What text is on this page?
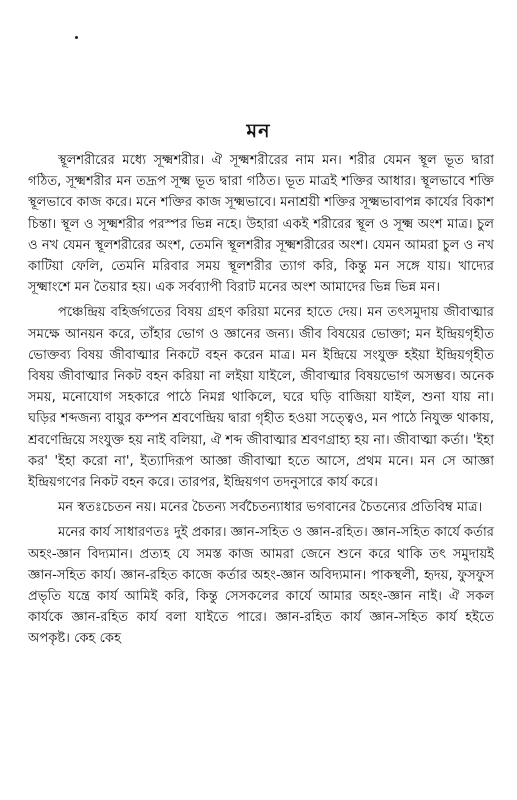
মন

স্থূলশরীরের মধ্যে সূক্ষ্মশরীর। ঐ সূক্ষ্মশরীরের নাম মন। শরীর যেমন স্থূল ভূত দ্বারা গঠিত, সূক্ষ্মশরীর মন তদ্রূপ সূক্ষ্ম ভূত দ্বারা গঠিত। ভূত মাত্রই শক্তির আধার। স্থূলভাবে শক্তি স্থূলভাবে কাজ করে। মনে শক্তির কাজ সূক্ষ্মভাবে। মনাশ্রয়ী শক্তির সূক্ষ্মভাবাপন্ন কার্যের বিকাশ চিন্তা। স্থূল ও সূক্ষ্মশরীর পরস্পর ভিন্ন নহে। উহারা একই শরীরের স্থূল ও সূক্ষ্ম অংশ মাত্র। চুল ও নখ যেমন স্থূলশরীরের অংশ, তেমনি স্থূলশরীর সূক্ষ্মশরীরের অংশ। যেমন আমরা চুল ও নখ কাটিয়া ফেলি, তেমনি মরিবার সময় স্থূলশরীর ত্যাগ করি, কিন্তু মন সঙ্গে যায়। খাদ্যের সূক্ষ্মাংশে মন তৈয়ার হয়। এক সর্বব্যাপী বিরাট মনের অংশ আমাদের ভিন্ন ভিন্ন মন।

পঞ্চেন্দ্রিয় বহির্জগতের বিষয় গ্রহণ করিয়া মনের হাতে দেয়। মন তৎসমুদায় জীবাত্মার সমক্ষে আনয়ন করে, তাঁহার ভোগ ও জ্ঞানের জন্য। জীব বিষয়ের ভোক্তা; মন ইন্দ্রিয়গৃহীত ভোক্তব্য বিষয় জীবাত্মার নিকটে বহন করেন মাত্র। মন ইন্দ্রিয়ে সংযুক্ত হইয়া ইন্দ্রিয়গৃহীত বিষয় জীবাত্মার নিকট বহন করিয়া না লইয়া যাইলে, জীবাত্মার বিষয়ভোগ অসম্ভব। অনেক সময়, মনোযোগ সহকারে পাঠে নিমগ্ন থাকিলে, ঘরে ঘড়ি বাজিয়া যাইল, শুনা যায় না। ঘড়ির শব্দজন্য বায়ুর কম্পন শ্রবণেন্দ্রিয় দ্বারা গৃহীত হওয়া সত্ত্বেও, মন পাঠে নিযুক্ত থাকায়, শ্রবণেন্দ্রিয়ে সংযুক্ত হয় নাই বলিয়া, ঐ শব্দ জীবাত্মার শ্রবণগ্রাহ্য হয় না। জীবাত্মা কর্তা। 'ইহা কর' 'ইহা করো না', ইত্যাদিরূপ আজ্ঞা জীবাত্মা হতে আসে, প্রথম মনে। মন সে আজ্ঞা ইন্দ্রিয়গণের নিকট বহন করে। তারপর, ইন্দ্রিয়গণ তদনুসারে কার্য করে।

মন স্বতঃচেতন নয়। মনের চৈতন্য সর্বচৈতন্যাধার ভগবানের চৈতন্যের প্রতিবিম্ব মাত্র।

মনের কার্য সাধারণতঃ দুই প্রকার। জ্ঞান-সহিত ও জ্ঞান-রহিত। জ্ঞান-সহিত কার্যে কর্তার অহং-জ্ঞান বিদ্যমান। প্রত্যহ যে সমস্ত কাজ আমরা জেনে শুনে করে থাকি তৎ সমুদায়ই জ্ঞান-সহিত কার্য। জ্ঞান-রহিত কাজে কর্তার অহং-জ্ঞান অবিদ্যমান। পাকস্থলী, হৃদয়, ফুসফুস প্রভৃতি যন্ত্রে কার্য আমিই করি, কিন্তু সেসকলের কার্যে আমার অহং-জ্ঞান নাই। ঐ সকল কার্যকে জ্ঞান-রহিত কার্য বলা যাইতে পারে। জ্ঞান-রহিত কার্য জ্ঞান-সহিত কার্য হইতে অপকৃষ্ট। কেহ কেহ
